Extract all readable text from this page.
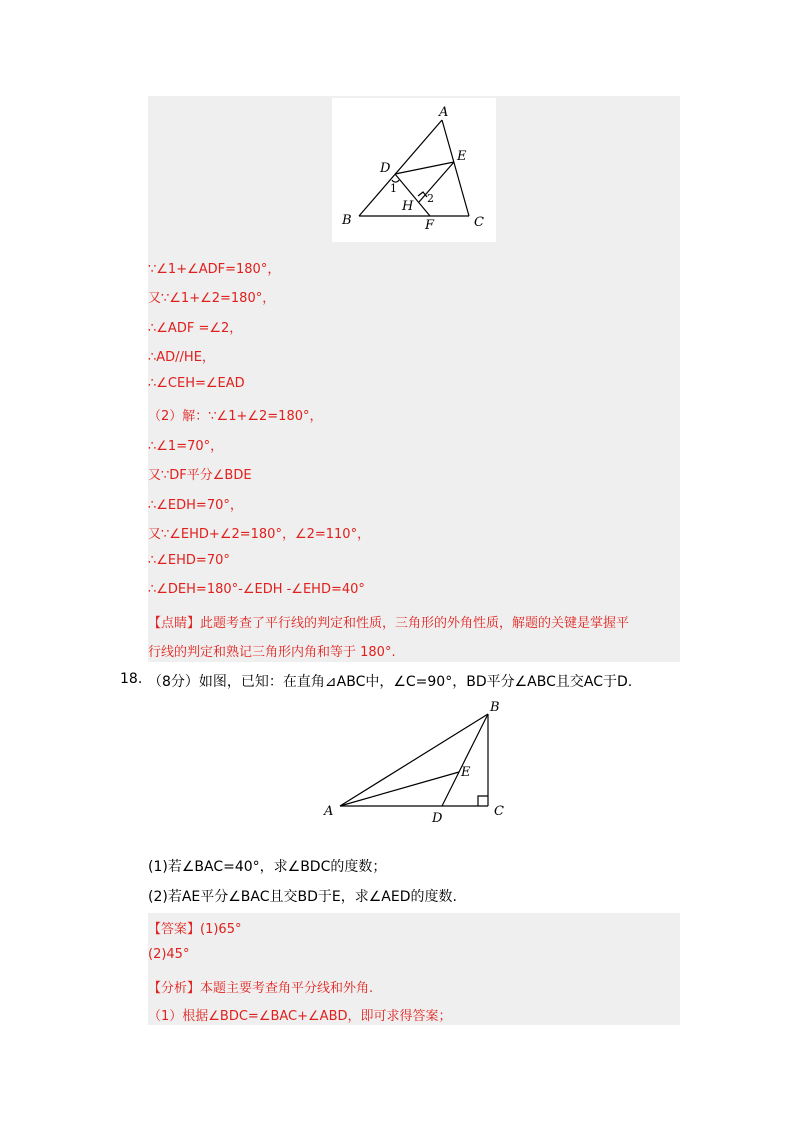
A
B	C
D
E
F
H
1
2
∵∠1+∠ADF=180°，
又∵∠1+∠2=180°，
∴∠ADF =∠2，
∴AD//HE，
∴∠CEH=∠EAD
（2）解：∵∠1+∠2=180°，
∴∠1=70°，
又∵DF平分∠BDE
∴∠EDH=70°，
又∵∠EHD+∠2=180°，∠2=110°，
∴∠EHD=70°
∴∠DEH=180°-∠EDH -∠EHD=40°
【点睛】此题考查了平行线的判定和性质，三角形的外角性质，解题的关键是掌握平
行线的判定和熟记三角形内角和等于 180°.
18. （8分）如图，已知：在直角⊿ABC中，∠C=90°，BD平分∠ABC且交AC于D.
A
B
C
D
E
(1)若∠BAC=40°，求∠BDC的度数；
(2)若AE平分∠BAC且交BD于E，求∠AED的度数.
【答案】(1)65°
(2)45°
【分析】本题主要考查角平分线和外角.
（1）根据∠BDC=∠BAC+∠ABD，即可求得答案；
